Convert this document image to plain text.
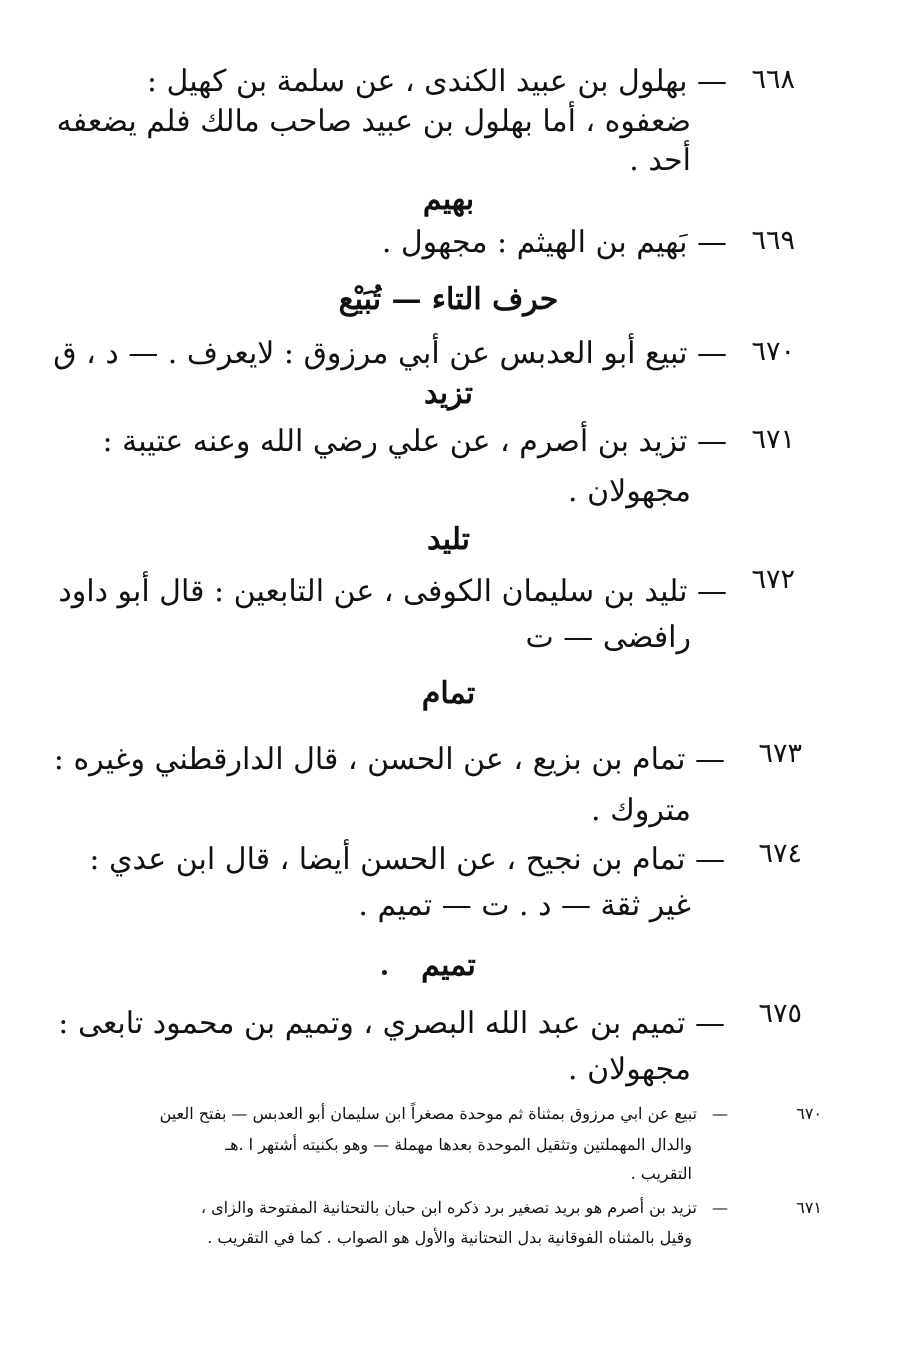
٦٦٨
— بهلول بن عبيد الكندى ، عن سلمة بن كهيل :
ضعفوه ، أما بهلول بن عبيد صاحب مالك فلم يضعفه
أحد .
بهيم
٦٦٩
— بَهيم بن الهيثم : مجهول .
حرف التاء — تُبَيْع
٦٧٠
— تبيع أبو العدبس عن أبي مرزوق : لايعرف . — د ، ق
تزيد
٦٧١
— تزيد بن أصرم ، عن علي رضي الله وعنه عتيبة :
مجهولان .
تليد
٦٧٢
— تليد بن سليمان الكوفى ، عن التابعين : قال أبو داود
رافضى — ت
تمام
٦٧٣
— تمام بن بزيع ، عن الحسن ، قال الدارقطني وغيره :
متروك .
٦٧٤
— تمام بن نجيح ، عن الحسن أيضا ، قال ابن عدي :
غير ثقة — د . ت — تميم .
تميم
٦٧٥
— تميم بن عبد الله البصري ، وتميم بن محمود تابعى :
مجهولان .
٦٧٠
—
تبيع عن ابي مرزوق بمثناة ثم موحدة مصغراً ابن سليمان أبو العدبس — بفتح العين
والدال المهملتين وتثقيل الموحدة بعدها مهملة — وهو بكنيته أشتهر ا .هـ
التقريب .
٦٧١
—
تزيد بن أصرم هو بريد تصغير برد ذكره ابن حبان بالتحتانية المفتوحة والزاى ،
وقيل بالمثناه الفوقانية بدل التحتانية والأول هو الصواب . كما في التقريب .
